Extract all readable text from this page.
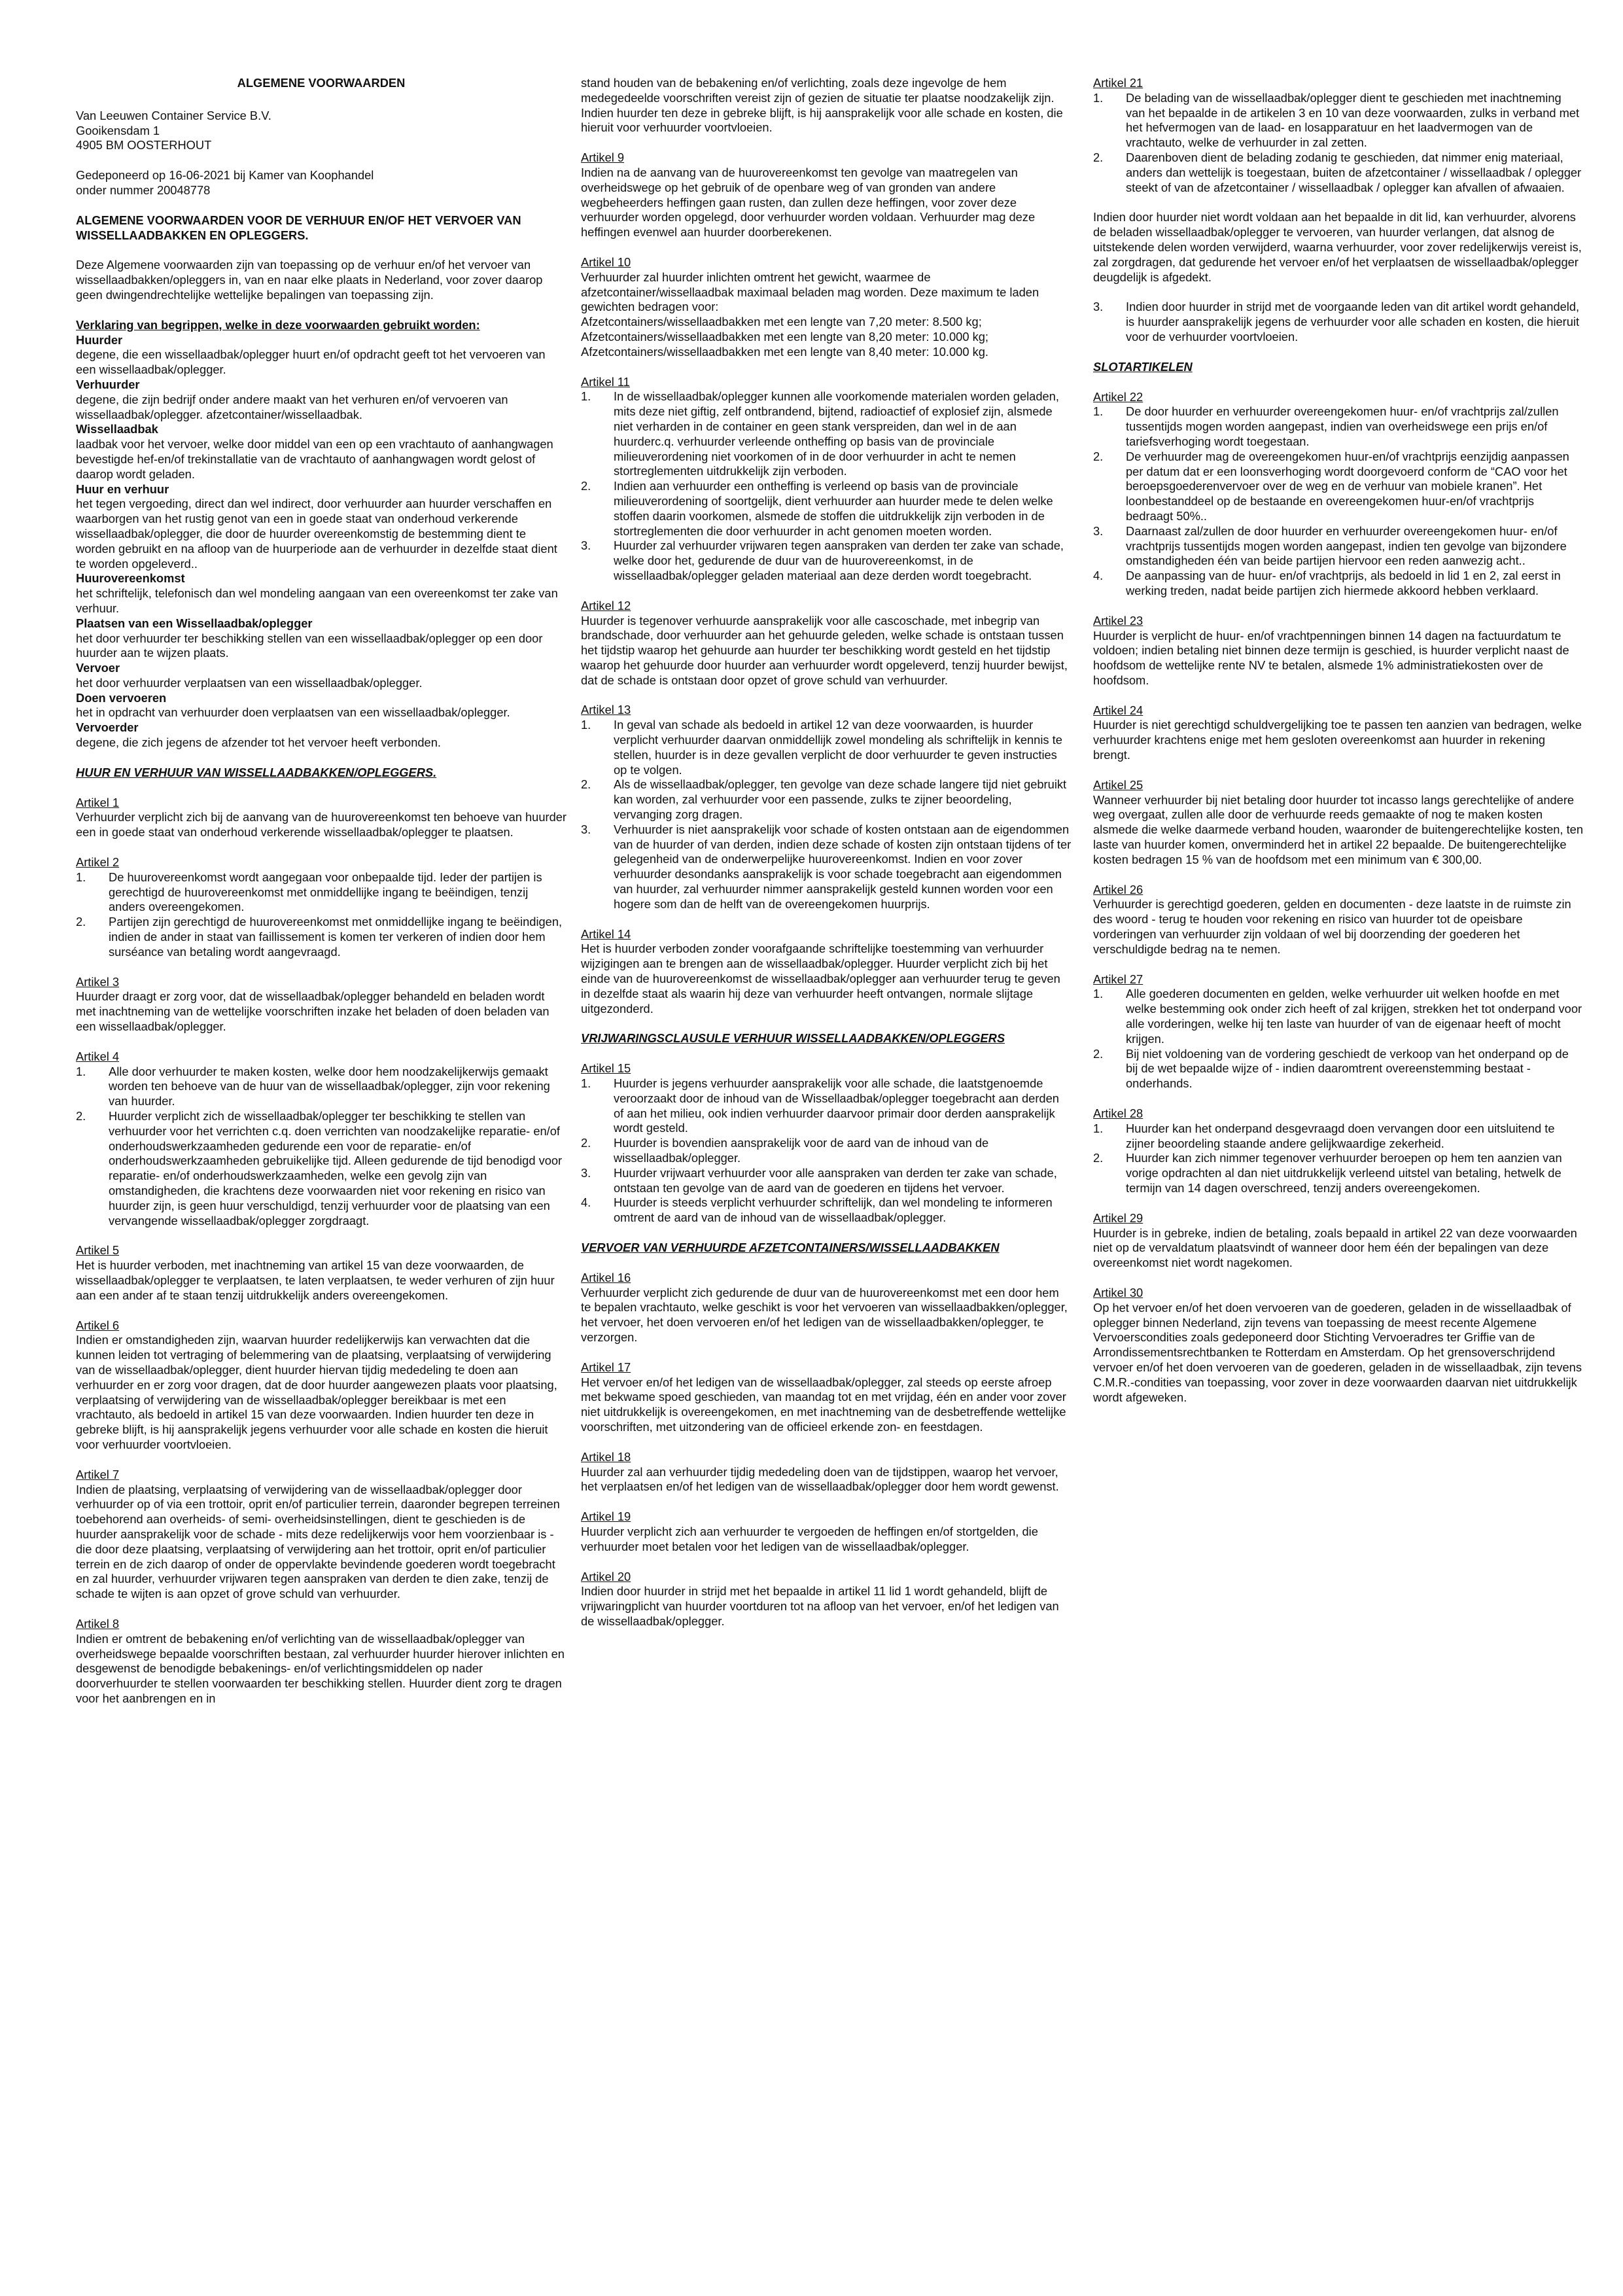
ALGEMENE VOORWAARDEN

Van Leeuwen Container Service B.V.

Gooikensdam 1

4905 BM OOSTERHOUT

Gedeponeerd op 16-06-2021 bij Kamer van Koophandel

onder nummer 20048778

ALGEMENE VOORWAARDEN VOOR DE VERHUUR EN/OF HET VERVOER VAN WISSELLAADBAKKEN EN OPLEGGERS.

Deze Algemene voorwaarden zijn van toepassing op de verhuur en/of het vervoer van wissellaadbakken/opleggers in, van en naar elke plaats in Nederland, voor zover daarop geen dwingendrechtelijke wettelijke bepalingen van toepassing zijn.

Verklaring van begrippen, welke in deze voorwaarden gebruikt worden:

Huurder

degene, die een wissellaadbak/oplegger huurt en/of opdracht geeft tot het vervoeren van een wissellaadbak/oplegger.

Verhuurder

degene, die zijn bedrijf onder andere maakt van het verhuren en/of vervoeren van wissellaadbak/oplegger. afzetcontainer/wissellaadbak.

Wissellaadbak

laadbak voor het vervoer, welke door middel van een op een vrachtauto of aanhangwagen bevestigde hef-en/of trekinstallatie van de vrachtauto of aanhangwagen wordt gelost of daarop wordt geladen.

Huur en verhuur

het tegen vergoeding, direct dan wel indirect, door verhuurder aan huurder verschaffen en waarborgen van het rustig genot van een in goede staat van onderhoud verkerende wissellaadbak/oplegger, die door de huurder overeenkomstig de bestemming dient te worden gebruikt en na afloop van de huurperiode aan de verhuurder in dezelfde staat dient te worden opgeleverd..

Huurovereenkomst

het schriftelijk, telefonisch dan wel mondeling aangaan van een overeenkomst ter zake van verhuur.

Plaatsen van een Wissellaadbak/oplegger

het door verhuurder ter beschikking stellen van een wissellaadbak/oplegger op een door huurder aan te wijzen plaats.

Vervoer

het door verhuurder verplaatsen van een wissellaadbak/oplegger.

Doen vervoeren

het in opdracht van verhuurder doen verplaatsen van een wissellaadbak/oplegger.

Vervoerder

degene, die zich jegens de afzender tot het vervoer heeft verbonden.

HUUR EN VERHUUR VAN WISSELLAADBAKKEN/OPLEGGERS.

Artikel 1

Verhuurder verplicht zich bij de aanvang van de huurovereenkomst ten behoeve van huurder een in goede staat van onderhoud verkerende wissellaadbak/oplegger te plaatsen.

Artikel 2

1. De huurovereenkomst wordt aangegaan voor onbepaalde tijd. Ieder der partijen is gerechtigd de huurovereenkomst met onmiddellijke ingang te beëindigen, tenzij anders overeengekomen.
2. Partijen zijn gerechtigd de huurovereenkomst met onmiddellijke ingang te beëindigen, indien de ander in staat van faillissement is komen ter verkeren of indien door hem surséance van betaling wordt aangevraagd.

Artikel 3

Huurder draagt er zorg voor, dat de wissellaadbak/oplegger behandeld en beladen wordt met inachtneming van de wettelijke voorschriften inzake het beladen of doen beladen van een wissellaadbak/oplegger.

Artikel 4

1. Alle door verhuurder te maken kosten, welke door hem noodzakelijkerwijs gemaakt worden ten behoeve van de huur van de wissellaadbak/oplegger, zijn voor rekening van huurder.
2. Huurder verplicht zich de wissellaadbak/oplegger ter beschikking te stellen van verhuurder voor het verrichten c.q. doen verrichten van noodzakelijke reparatie- en/of onderhoudswerkzaamheden gedurende een voor de reparatie- en/of onderhoudswerkzaamheden gebruikelijke tijd. Alleen gedurende de tijd benodigd voor reparatie- en/of onderhoudswerkzaamheden, welke een gevolg zijn van omstandigheden, die krachtens deze voorwaarden niet voor rekening en risico van huurder zijn, is geen huur verschuldigd, tenzij verhuurder voor de plaatsing van een vervangende wissellaadbak/oplegger zorgdraagt.

Artikel 5

Het is huurder verboden, met inachtneming van artikel 15 van deze voorwaarden, de wissellaadbak/oplegger te verplaatsen, te laten verplaatsen, te weder verhuren of zijn huur aan een ander af te staan tenzij uitdrukkelijk anders overeengekomen.

Artikel 6

Indien er omstandigheden zijn, waarvan huurder redelijkerwijs kan verwachten dat die kunnen leiden tot vertraging of belemmering van de plaatsing, verplaatsing of verwijdering van de wissellaadbak/oplegger, dient huurder hiervan tijdig mededeling te doen aan verhuurder en er zorg voor dragen, dat de door huurder aangewezen plaats voor plaatsing, verplaatsing of verwijdering van de wissellaadbak/oplegger bereikbaar is met een vrachtauto, als bedoeld in artikel 15 van deze voorwaarden. Indien huurder ten deze in gebreke blijft, is hij aansprakelijk jegens verhuurder voor alle schade en kosten die hieruit voor verhuurder voortvloeien.

Artikel 7

Indien de plaatsing, verplaatsing of verwijdering van de wissellaadbak/oplegger door verhuurder op of via een trottoir, oprit en/of particulier terrein, daaronder begrepen terreinen toebehorend aan overheids- of semi- overheidsinstellingen, dient te geschieden is de huurder aansprakelijk voor de schade - mits deze redelijkerwijs voor hem voorzienbaar is - die door deze plaatsing, verplaatsing of verwijdering aan het trottoir, oprit en/of particulier terrein en de zich daarop of onder de oppervlakte bevindende goederen wordt toegebracht en zal huurder, verhuurder vrijwaren tegen aanspraken van derden te dien zake, tenzij de schade te wijten is aan opzet of grove schuld van verhuurder.

Artikel 8

Indien er omtrent de bebakening en/of verlichting van de wissellaadbak/oplegger van overheidswege bepaalde voorschriften bestaan, zal verhuurder huurder hierover inlichten en desgewenst de benodigde bebakenings- en/of verlichtingsmiddelen op nader doorverhuurder te stellen voorwaarden ter beschikking stellen. Huurder dient zorg te dragen voor het aanbrengen en in

stand houden van de bebakening en/of verlichting, zoals deze ingevolge de hem medegedeelde voorschriften vereist zijn of gezien de situatie ter plaatse noodzakelijk zijn. Indien huurder ten deze in gebreke blijft, is hij aansprakelijk voor alle schade en kosten, die hieruit voor verhuurder voortvloeien.

Artikel 9

Indien na de aanvang van de huurovereenkomst ten gevolge van maatregelen van overheidswege op het gebruik of de openbare weg of van gronden van andere wegbeheerders heffingen gaan rusten, dan zullen deze heffingen, voor zover deze verhuurder worden opgelegd, door verhuurder worden voldaan. Verhuurder mag deze heffingen evenwel aan huurder doorberekenen.

Artikel 10

Verhuurder zal huurder inlichten omtrent het gewicht, waarmee de afzetcontainer/wissellaadbak maximaal beladen mag worden. Deze maximum te laden gewichten bedragen voor:

Afzetcontainers/wissellaadbakken met een lengte van 7,20 meter: 8.500 kg;

Afzetcontainers/wissellaadbakken met een lengte van 8,20 meter: 10.000 kg;

Afzetcontainers/wissellaadbakken met een lengte van 8,40 meter: 10.000 kg.

Artikel 11

1. In de wissellaadbak/oplegger kunnen alle voorkomende materialen worden geladen, mits deze niet giftig, zelf ontbrandend, bijtend, radioactief of explosief zijn, alsmede niet verharden in de container en geen stank verspreiden, dan wel in de aan huurderc.q. verhuurder verleende ontheffing op basis van de provinciale milieuverordening niet voorkomen of in de door verhuurder in acht te nemen stortreglementen uitdrukkelijk zijn verboden.
2. Indien aan verhuurder een ontheffing is verleend op basis van de provinciale milieuverordening of soortgelijk, dient verhuurder aan huurder mede te delen welke stoffen daarin voorkomen, alsmede de stoffen die uitdrukkelijk zijn verboden in de stortreglementen die door verhuurder in acht genomen moeten worden.
3. Huurder zal verhuurder vrijwaren tegen aanspraken van derden ter zake van schade, welke door het, gedurende de duur van de huurovereenkomst, in de wissellaadbak/oplegger geladen materiaal aan deze derden wordt toegebracht.

Artikel 12

Huurder is tegenover verhuurde aansprakelijk voor alle cascoschade, met inbegrip van brandschade, door verhuurder aan het gehuurde geleden, welke schade is ontstaan tussen het tijdstip waarop het gehuurde aan huurder ter beschikking wordt gesteld en het tijdstip waarop het gehuurde door huurder aan verhuurder wordt opgeleverd, tenzij huurder bewijst, dat de schade is ontstaan door opzet of grove schuld van verhuurder.

Artikel 13

1. In geval van schade als bedoeld in artikel 12 van deze voorwaarden, is huurder verplicht verhuurder daarvan onmiddellijk zowel mondeling als schriftelijk in kennis te stellen, huurder is in deze gevallen verplicht de door verhuurder te geven instructies op te volgen.
2. Als de wissellaadbak/oplegger, ten gevolge van deze schade langere tijd niet gebruikt kan worden, zal verhuurder voor een passende, zulks te zijner beoordeling, vervanging zorg dragen.
3. Verhuurder is niet aansprakelijk voor schade of kosten ontstaan aan de eigendommen van de huurder of van derden, indien deze schade of kosten zijn ontstaan tijdens of ter gelegenheid van de onderwerpelijke huurovereenkomst. Indien en voor zover verhuurder desondanks aansprakelijk is voor schade toegebracht aan eigendommen van huurder, zal verhuurder nimmer aansprakelijk gesteld kunnen worden voor een hogere som dan de helft van de overeengekomen huurprijs.

Artikel 14

Het is huurder verboden zonder voorafgaande schriftelijke toestemming van verhuurder wijzigingen aan te brengen aan de wissellaadbak/oplegger. Huurder verplicht zich bij het einde van de huurovereenkomst de wissellaadbak/oplegger aan verhuurder terug te geven in dezelfde staat als waarin hij deze van verhuurder heeft ontvangen, normale slijtage uitgezonderd.

VRIJWARINGSCLAUSULE VERHUUR WISSELLAADBAKKEN/OPLEGGERS

Artikel 15

1. Huurder is jegens verhuurder aansprakelijk voor alle schade, die laatstgenoemde veroorzaakt door de inhoud van de Wissellaadbak/oplegger toegebracht aan derden of aan het milieu, ook indien verhuurder daarvoor primair door derden aansprakelijk wordt gesteld.
2. Huurder is bovendien aansprakelijk voor de aard van de inhoud van de wissellaadbak/oplegger.
3. Huurder vrijwaart verhuurder voor alle aanspraken van derden ter zake van schade, ontstaan ten gevolge van de aard van de goederen en tijdens het vervoer.
4. Huurder is steeds verplicht verhuurder schriftelijk, dan wel mondeling te informeren omtrent de aard van de inhoud van de wissellaadbak/oplegger.

VERVOER VAN VERHUURDE AFZETCONTAINERS/WISSELLAADBAKKEN

Artikel 16

Verhuurder verplicht zich gedurende de duur van de huurovereenkomst met een door hem te bepalen vrachtauto, welke geschikt is voor het vervoeren van wissellaadbakken/oplegger, het vervoer, het doen vervoeren en/of het ledigen van de wissellaadbakken/oplegger, te verzorgen.

Artikel 17

Het vervoer en/of het ledigen van de wissellaadbak/oplegger, zal steeds op eerste afroep met bekwame spoed geschieden, van maandag tot en met vrijdag, één en ander voor zover niet uitdrukkelijk is overeengekomen, en met inachtneming van de desbetreffende wettelijke voorschriften, met uitzondering van de officieel erkende zon- en feestdagen.

Artikel 18

Huurder zal aan verhuurder tijdig mededeling doen van de tijdstippen, waarop het vervoer, het verplaatsen en/of het ledigen van de wissellaadbak/oplegger door hem wordt gewenst.

Artikel 19

Huurder verplicht zich aan verhuurder te vergoeden de heffingen en/of stortgelden, die verhuurder moet betalen voor het ledigen van de wissellaadbak/oplegger.

Artikel 20

Indien door huurder in strijd met het bepaalde in artikel 11 lid 1 wordt gehandeld, blijft de vrijwaringplicht van huurder voortduren tot na afloop van het vervoer, en/of het ledigen van de wissellaadbak/oplegger.

Artikel 21

1. De belading van de wissellaadbak/oplegger dient te geschieden met inachtneming van het bepaalde in de artikelen 3 en 10 van deze voorwaarden, zulks in verband met het hefvermogen van de laad- en losapparatuur en het laadvermogen van de vrachtauto, welke de verhuurder in zal zetten.
2. Daarenboven dient de belading zodanig te geschieden, dat nimmer enig materiaal, anders dan wettelijk is toegestaan, buiten de afzetcontainer / wissellaadbak / oplegger steekt of van de afzetcontainer / wissellaadbak / oplegger kan afvallen of afwaaien.

Indien door huurder niet wordt voldaan aan het bepaalde in dit lid, kan verhuurder, alvorens de beladen wissellaadbak/oplegger te vervoeren, van huurder verlangen, dat alsnog de uitstekende delen worden verwijderd, waarna verhuurder, voor zover redelijkerwijs vereist is, zal zorgdragen, dat gedurende het vervoer en/of het verplaatsen de wissellaadbak/oplegger deugdelijk is afgedekt.

3. Indien door huurder in strijd met de voorgaande leden van dit artikel wordt gehandeld, is huurder aansprakelijk jegens de verhuurder voor alle schaden en kosten, die hieruit voor de verhuurder voortvloeien.

SLOTARTIKELEN

Artikel 22

1. De door huurder en verhuurder overeengekomen huur- en/of vrachtprijs zal/zullen tussentijds mogen worden aangepast, indien van overheidswege een prijs en/of tariefsverhoging wordt toegestaan.
2. De verhuurder mag de overeengekomen huur-en/of vrachtprijs eenzijdig aanpassen per datum dat er een loonsverhoging wordt doorgevoerd conform de “CAO voor het beroepsgoederenvervoer over de weg en de verhuur van mobiele kranen”. Het loonbestanddeel op de bestaande en overeengekomen huur-en/of vrachtprijs bedraagt 50%..
3. Daarnaast zal/zullen de door huurder en verhuurder overeengekomen huur- en/of vrachtprijs tussentijds mogen worden aangepast, indien ten gevolge van bijzondere omstandigheden één van beide partijen hiervoor een reden aanwezig acht..
4. De aanpassing van de huur- en/of vrachtprijs, als bedoeld in lid 1 en 2, zal eerst in werking treden, nadat beide partijen zich hiermede akkoord hebben verklaard.

Artikel 23

Huurder is verplicht de huur- en/of vrachtpenningen binnen 14 dagen na factuurdatum te voldoen; indien betaling niet binnen deze termijn is geschied, is huurder verplicht naast de hoofdsom de wettelijke rente NV te betalen, alsmede 1% administratiekosten over de hoofdsom.

Artikel 24

Huurder is niet gerechtigd schuldvergelijking toe te passen ten aanzien van bedragen, welke verhuurder krachtens enige met hem gesloten overeenkomst aan huurder in rekening brengt.

Artikel 25

Wanneer verhuurder bij niet betaling door huurder tot incasso langs gerechtelijke of andere weg overgaat, zullen alle door de verhuurde reeds gemaakte of nog te maken kosten alsmede die welke daarmede verband houden, waaronder de buitengerechtelijke kosten, ten laste van huurder komen, onverminderd het in artikel 22 bepaalde. De buitengerechtelijke kosten bedragen 15 % van de hoofdsom met een minimum van € 300,00.

Artikel 26

Verhuurder is gerechtigd goederen, gelden en documenten - deze laatste in de ruimste zin des woord - terug te houden voor rekening en risico van huurder tot de opeisbare vorderingen van verhuurder zijn voldaan of wel bij doorzending der goederen het verschuldigde bedrag na te nemen.

Artikel 27

1. Alle goederen documenten en gelden, welke verhuurder uit welken hoofde en met welke bestemming ook onder zich heeft of zal krijgen, strekken het tot onderpand voor alle vorderingen, welke hij ten laste van huurder of van de eigenaar heeft of mocht krijgen.
2. Bij niet voldoening van de vordering geschiedt de verkoop van het onderpand op de bij de wet bepaalde wijze of - indien daaromtrent overeenstemming bestaat - onderhands.

Artikel 28

1. Huurder kan het onderpand desgevraagd doen vervangen door een uitsluitend te zijner beoordeling staande andere gelijkwaardige zekerheid.
2. Huurder kan zich nimmer tegenover verhuurder beroepen op hem ten aanzien van vorige opdrachten al dan niet uitdrukkelijk verleend uitstel van betaling, hetwelk de termijn van 14 dagen overschreed, tenzij anders overeengekomen.

Artikel 29

Huurder is in gebreke, indien de betaling, zoals bepaald in artikel 22 van deze voorwaarden niet op de vervaldatum plaatsvindt of wanneer door hem één der bepalingen van deze overeenkomst niet wordt nagekomen.

Artikel 30

Op het vervoer en/of het doen vervoeren van de goederen, geladen in de wissellaadbak of oplegger binnen Nederland, zijn tevens van toepassing de meest recente Algemene Vervoerscondities zoals gedeponeerd door Stichting Vervoeradres ter Griffie van de Arrondissementsrechtbanken te Rotterdam en Amsterdam. Op het grensoverschrijdend vervoer en/of het doen vervoeren van de goederen, geladen in de wissellaadbak, zijn tevens C.M.R.-condities van toepassing, voor zover in deze voorwaarden daarvan niet uitdrukkelijk wordt afgeweken.
